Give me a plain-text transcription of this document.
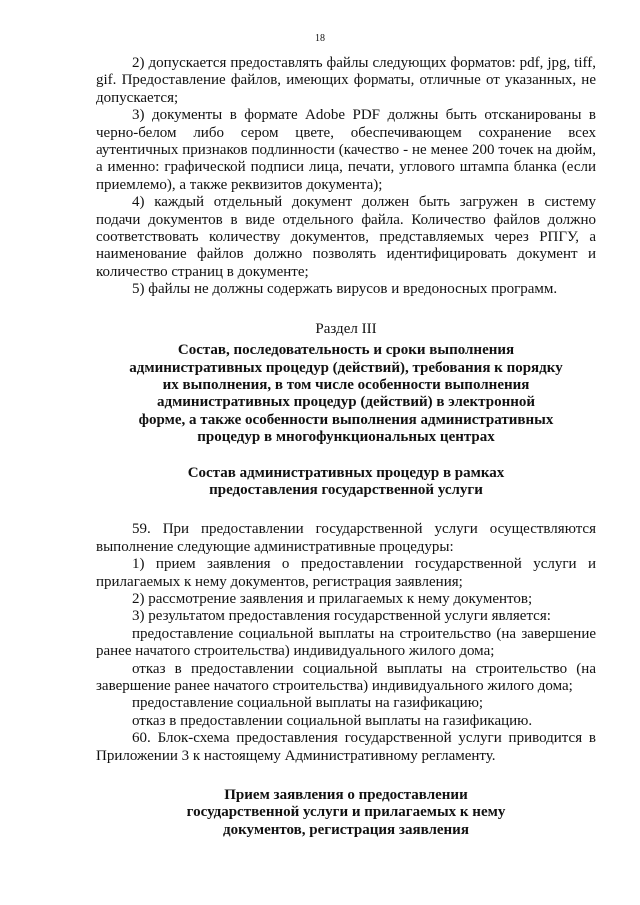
18

2) допускается предоставлять файлы следующих форматов: pdf, jpg, tiff, gif. Предоставление файлов, имеющих форматы, отличные от указанных, не допускается;

3) документы в формате Adobe PDF должны быть отсканированы в черно-белом либо сером цвете, обеспечивающем сохранение всех аутентичных признаков подлинности (качество - не менее 200 точек на дюйм, а именно: графической подписи лица, печати, углового штампа бланка (если приемлемо), а также реквизитов документа);

4) каждый отдельный документ должен быть загружен в систему подачи документов в виде отдельного файла. Количество файлов должно соответствовать количеству документов, представляемых через РПГУ, а наименование файлов должно позволять идентифицировать документ и количество страниц в документе;

5) файлы не должны содержать вирусов и вредоносных программ.

Раздел III
Состав, последовательность и сроки выполнения
административных процедур (действий), требования к порядку
их выполнения, в том числе особенности выполнения
административных процедур (действий) в электронной
форме, а также особенности выполнения административных
процедур в многофункциональных центрах
Состав административных процедур в рамках
предоставления государственной услуги

59. При предоставлении государственной услуги осуществляются выполнение следующие административные процедуры:

1) прием заявления о предоставлении государственной услуги и прилагаемых к нему документов, регистрация заявления;

2) рассмотрение заявления и прилагаемых к нему документов;

3) результатом предоставления государственной услуги является:

предоставление социальной выплаты на строительство (на завершение ранее начатого строительства) индивидуального жилого дома;

отказ в предоставлении социальной выплаты на строительство (на завершение ранее начатого строительства) индивидуального жилого дома;

предоставление социальной выплаты на газификацию;

отказ в предоставлении социальной выплаты на газификацию.

60. Блок-схема предоставления государственной услуги приводится в Приложении 3 к настоящему Административному регламенту.

Прием заявления о предоставлении
государственной услуги и прилагаемых к нему
документов, регистрация заявления
